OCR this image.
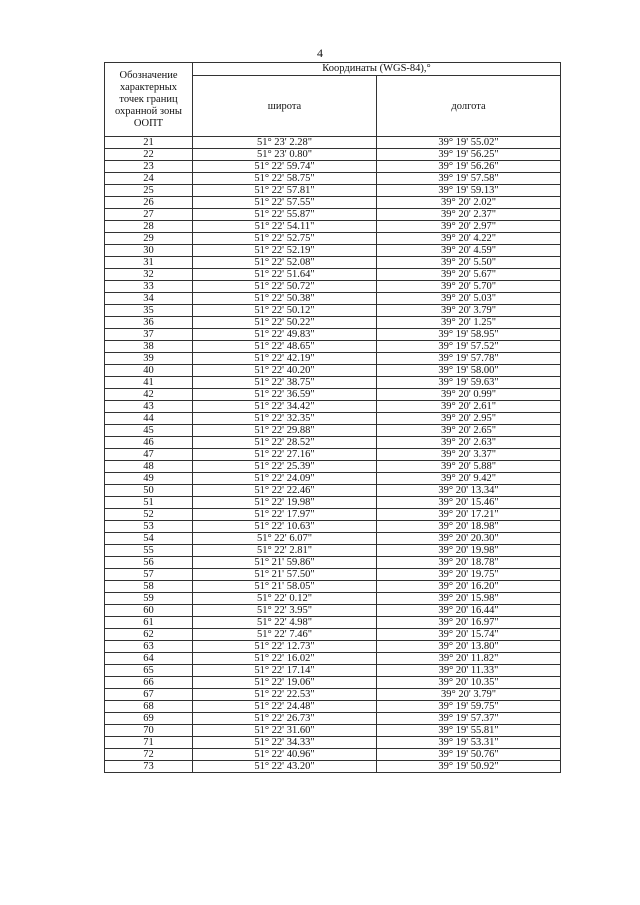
4
Обозначение характерных точек границ охранной зоны ООПТ	Координаты (WGS-84),°	
	широта	долгота
21	51° 23' 2.28"	39° 19' 55.02"
22	51° 23' 0.80"	39° 19' 56.25"
23	51° 22' 59.74"	39° 19' 56.26"
24	51° 22' 58.75"	39° 19' 57.58"
25	51° 22' 57.81"	39° 19' 59.13"
26	51° 22' 57.55"	39° 20' 2.02"
27	51° 22' 55.87"	39° 20' 2.37"
28	51° 22' 54.11"	39° 20' 2.97"
29	51° 22' 52.75"	39° 20' 4.22"
30	51° 22' 52.19"	39° 20' 4.59"
31	51° 22' 52.08"	39° 20' 5.50"
32	51° 22' 51.64"	39° 20' 5.67"
33	51° 22' 50.72"	39° 20' 5.70"
34	51° 22' 50.38"	39° 20' 5.03"
35	51° 22' 50.12"	39° 20' 3.79"
36	51° 22' 50.22"	39° 20' 1.25"
37	51° 22' 49.83"	39° 19' 58.95"
38	51° 22' 48.65"	39° 19' 57.52"
39	51° 22' 42.19"	39° 19' 57.78"
40	51° 22' 40.20"	39° 19' 58.00"
41	51° 22' 38.75"	39° 19' 59.63"
42	51° 22' 36.59"	39° 20' 0.99"
43	51° 22' 34.42"	39° 20' 2.61"
44	51° 22' 32.35"	39° 20' 2.95"
45	51° 22' 29.88"	39° 20' 2.65"
46	51° 22' 28.52"	39° 20' 2.63"
47	51° 22' 27.16"	39° 20' 3.37"
48	51° 22' 25.39"	39° 20' 5.88"
49	51° 22' 24.09"	39° 20' 9.42"
50	51° 22' 22.46"	39° 20' 13.34"
51	51° 22' 19.98"	39° 20' 15.46"
52	51° 22' 17.97"	39° 20' 17.21"
53	51° 22' 10.63"	39° 20' 18.98"
54	51° 22' 6.07"	39° 20' 20.30"
55	51° 22' 2.81"	39° 20' 19.98"
56	51° 21' 59.86"	39° 20' 18.78"
57	51° 21' 57.50"	39° 20' 19.75"
58	51° 21' 58.05"	39° 20' 16.20"
59	51° 22' 0.12"	39° 20' 15.98"
60	51° 22' 3.95"	39° 20' 16.44"
61	51° 22' 4.98"	39° 20' 16.97"
62	51° 22' 7.46"	39° 20' 15.74"
63	51° 22' 12.73"	39° 20' 13.80"
64	51° 22' 16.02"	39° 20' 11.82"
65	51° 22' 17.14"	39° 20' 11.33"
66	51° 22' 19.06"	39° 20' 10.35"
67	51° 22' 22.53"	39° 20' 3.79"
68	51° 22' 24.48"	39° 19' 59.75"
69	51° 22' 26.73"	39° 19' 57.37"
70	51° 22' 31.60"	39° 19' 55.81"
71	51° 22' 34.33"	39° 19' 53.31"
72	51° 22' 40.96"	39° 19' 50.76"
73	51° 22' 43.20"	39° 19' 50.92"
